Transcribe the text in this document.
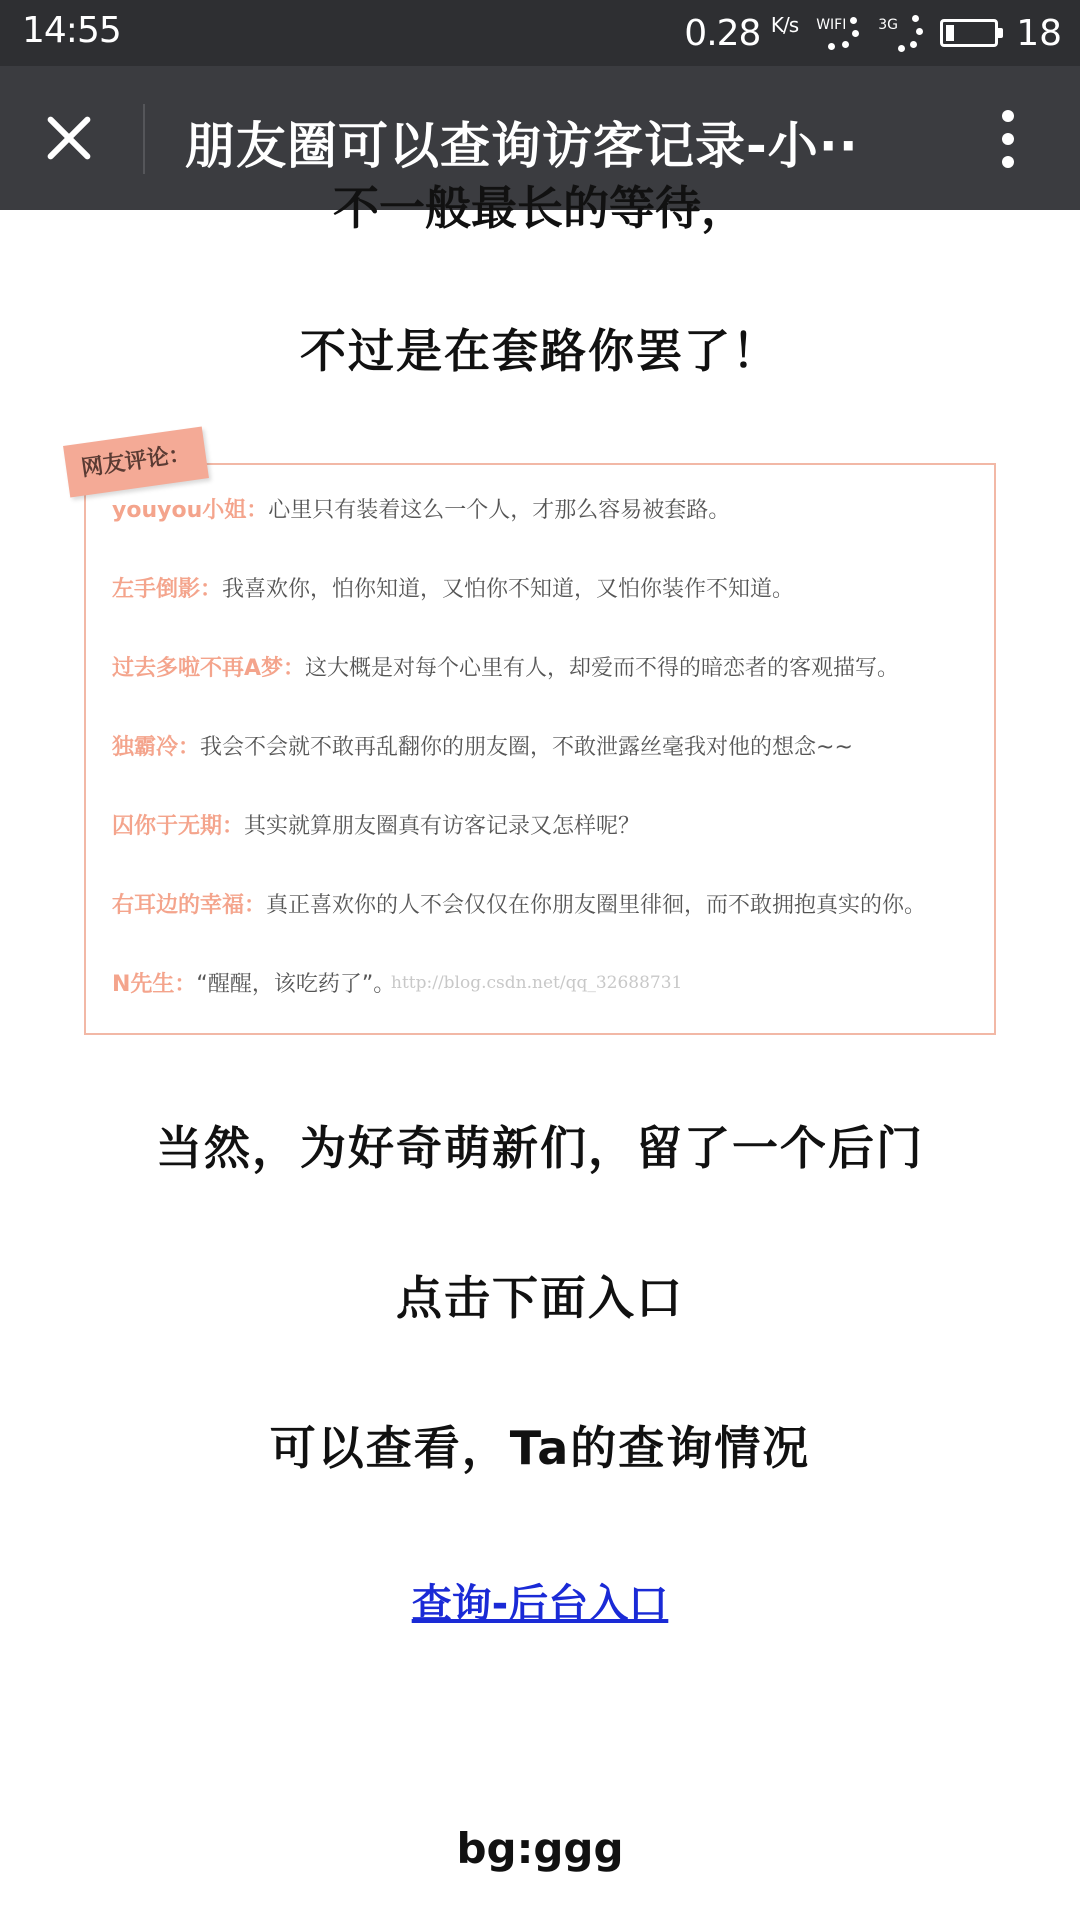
14:55	0.28 $^{K/s}$ WIFI 3G	18
朋友圈可以查询访客记录-小··
不一般最长的等待，
不过是在套路你罢了！
youyou小姐：心里只有装着这么一个人，才那么容易被套路。
左手倒影：我喜欢你，怕你知道，又怕你不知道，又怕你装作不知道。
过去多啦不再A梦：这大概是对每个心里有人，却爱而不得的暗恋者的客观描写。
独霸冷：我会不会就不敢再乱翻你的朋友圈，不敢泄露丝毫我对他的想念~~
囚你于无期：其实就算朋友圈真有访客记录又怎样呢？
右耳边的幸福：真正喜欢你的人不会仅仅在你朋友圈里徘徊，而不敢拥抱真实的你。
N先生：“醒醒，该吃药了”。
http://blog.csdn.net/qq_32688731
网友评论：
当然，为好奇萌新们，留了一个后门
点击下面入口
可以查看，Ta的查询情况
查询-后台入口
bg:ggg
